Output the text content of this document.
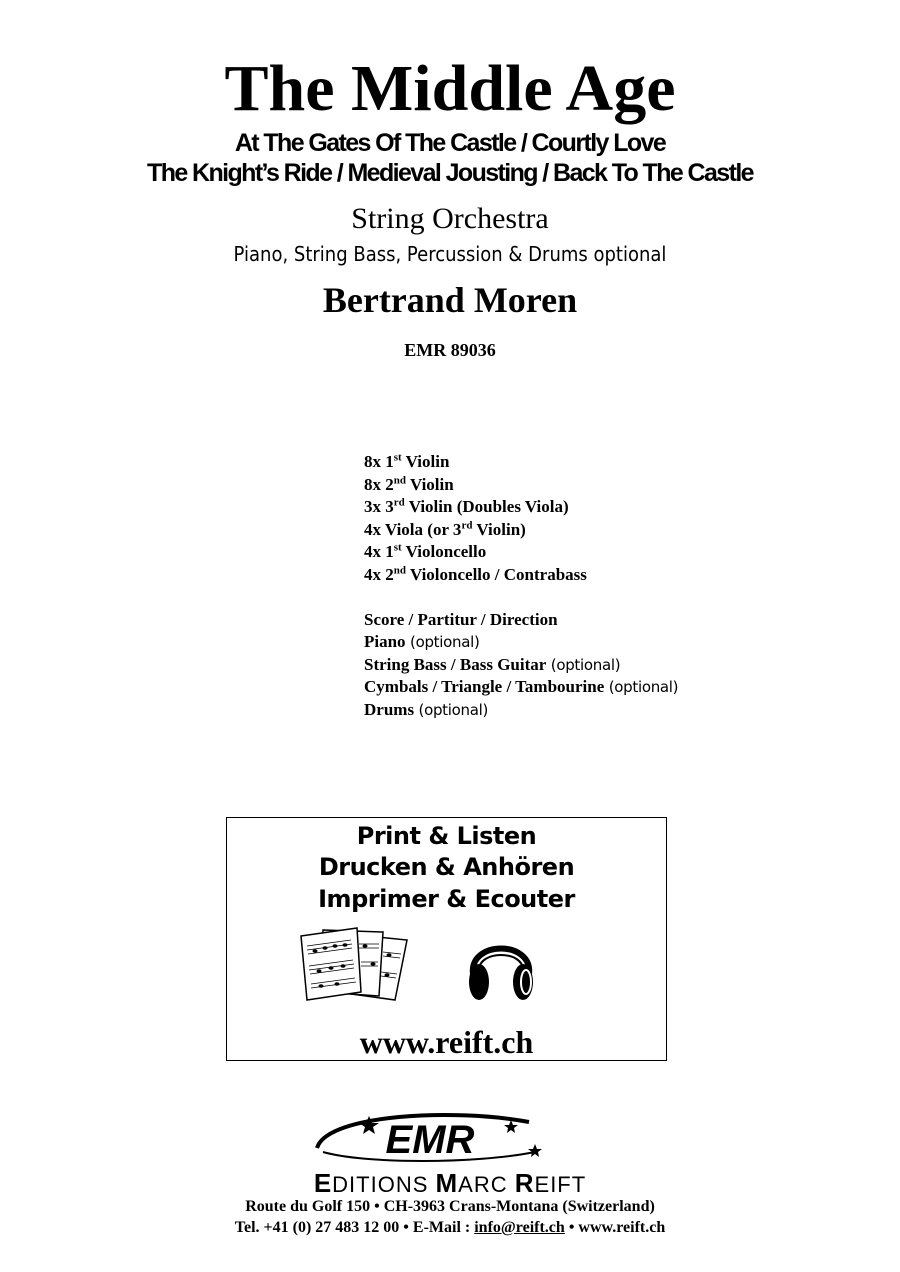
The Middle Age
At The Gates Of The Castle / Courtly Love
The Knight’s Ride / Medieval Jousting / Back To The Castle
String Orchestra
Piano, String Bass, Percussion & Drums optional
Bertrand Moren
EMR 89036
8x 1st Violin
8x 2nd Violin
3x 3rd Violin (Doubles Viola)
4x Viola (or 3rd Violin)
4x 1st Violoncello
4x 2nd Violoncello / Contrabass
Score / Partitur / Direction
Piano (optional)
String Bass / Bass Guitar (optional)
Cymbals / Triangle / Tambourine (optional)
Drums (optional)
Print & Listen
Drucken & Anhören
Imprimer & Ecouter
www.reift.ch
EMR
EDITIONS MARC REIFT
Route du Golf 150 • CH-3963 Crans-Montana (Switzerland)
Tel. +41 (0) 27 483 12 00 • E-Mail : info@reift.ch • www.reift.ch
